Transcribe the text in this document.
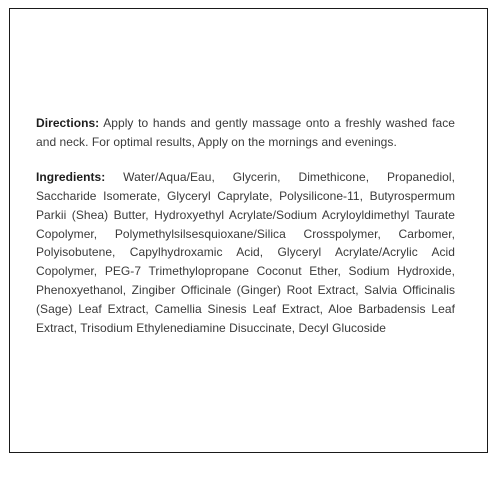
Directions: Apply to hands and gently massage onto a freshly washed face and neck. For optimal results, Apply on the mornings and evenings.

Ingredients: Water/Aqua/Eau, Glycerin, Dimethicone, Propanediol, Saccharide Isomerate, Glyceryl Caprylate, Polysilicone-11, Butyrospermum Parkii (Shea) Butter, Hydroxyethyl Acrylate/Sodium Acryloyldimethyl Taurate Copolymer, Polymethylsilsesquioxane/Silica Crosspolymer, Carbomer, Polyisobutene, Capylhydroxamic Acid, Glyceryl Acrylate/Acrylic Acid Copolymer, PEG-7 Trimethylopropane Coconut Ether, Sodium Hydroxide, Phenoxyethanol, Zingiber Officinale (Ginger) Root Extract, Salvia Officinalis (Sage) Leaf Extract, Camellia Sinesis Leaf Extract, Aloe Barbadensis Leaf Extract, Trisodium Ethylenediamine Disuccinate, Decyl Glucoside
